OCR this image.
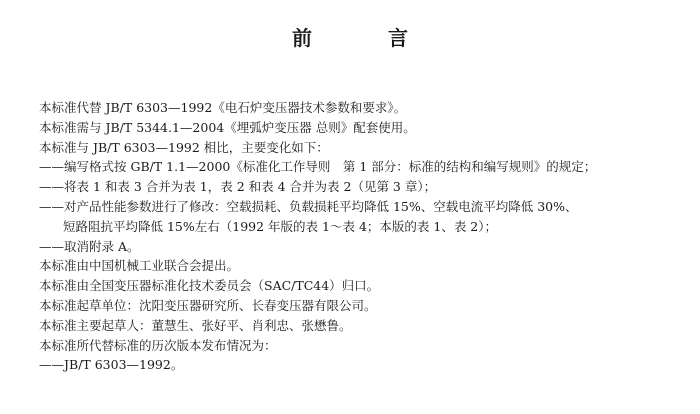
前　言
本标准代替 JB/T 6303—1992《电石炉变压器技术参数和要求》。
本标准需与 JB/T 5344.1—2004《埋弧炉变压器 总则》配套使用。
本标准与 JB/T 6303—1992 相比，主要变化如下：
——编写格式按 GB/T 1.1—2000《标准化工作导则　第 1 部分：标准的结构和编写规则》的规定；
——将表 1 和表 3 合并为表 1，表 2 和表 4 合并为表 2（见第 3 章）；
——对产品性能参数进行了修改：空载损耗、负载损耗平均降低 15%、空载电流平均降低 30%、
短路阻抗平均降低 15%左右（1992 年版的表 1～表 4；本版的表 1、表 2）；
——取消附录 A。
本标准由中国机械工业联合会提出。
本标准由全国变压器标准化技术委员会（SAC/TC44）归口。
本标准起草单位：沈阳变压器研究所、长春变压器有限公司。
本标准主要起草人：董慧生、张好平、肖利忠、张懋鲁。
本标准所代替标准的历次版本发布情况为：
——JB/T 6303—1992。
